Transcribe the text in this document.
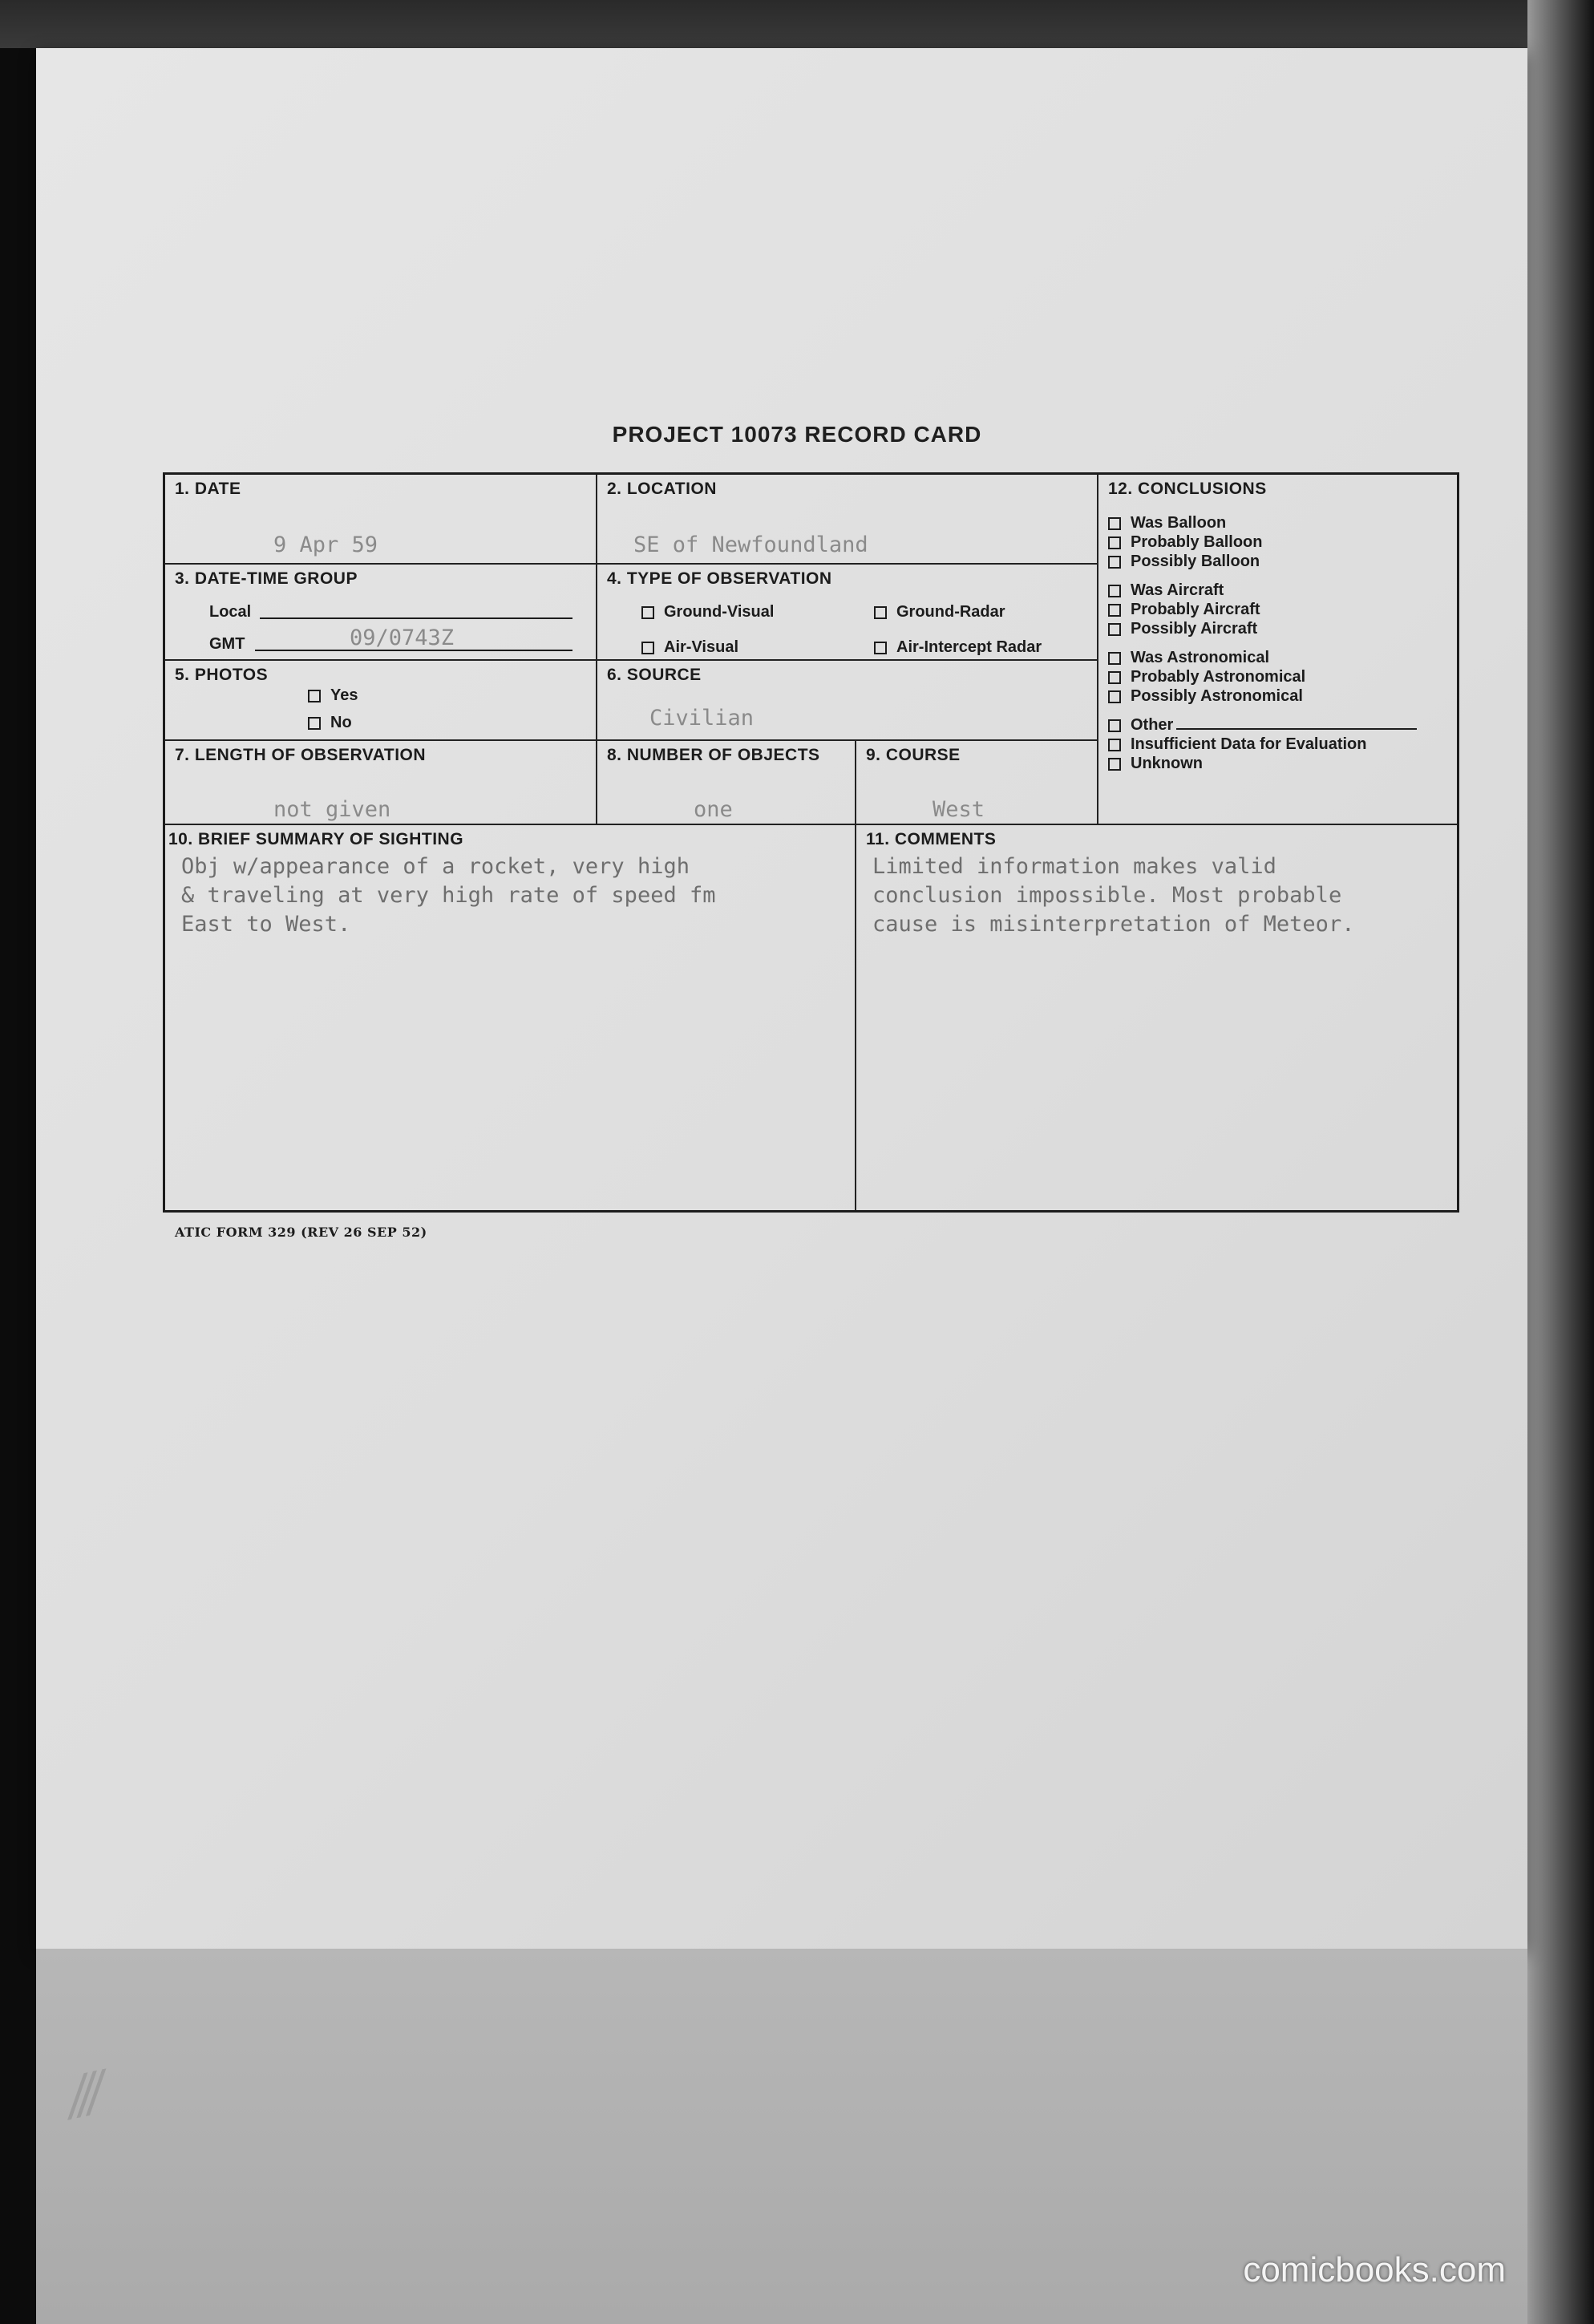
⁄⁄⁄
PROJECT 10073 RECORD CARD
1. DATE
9 Apr 59
2. LOCATION
SE of Newfoundland
3. DATE-TIME GROUP
Local
GMT	09/0743Z
4. TYPE OF OBSERVATION
Ground-Visual	Ground-Radar
Air-Visual	Air-Intercept Radar
5. PHOTOS
Yes
No
6. SOURCE
Civilian
7. LENGTH OF OBSERVATION
not given
8. NUMBER OF OBJECTS
one
9. COURSE
West
12. CONCLUSIONS
Was Balloon
Probably Balloon
Possibly Balloon
Was Aircraft
Probably Aircraft
Possibly Aircraft
Was Astronomical
Probably Astronomical
Possibly Astronomical
Other
Insufficient Data for Evaluation
Unknown
10. BRIEF SUMMARY OF SIGHTING
Obj w/appearance of a rocket, very high
& traveling at very high rate of speed fm
East to West.
11. COMMENTS
Limited information makes valid
conclusion impossible. Most probable
cause is misinterpretation of Meteor.
ATIC FORM 329 (REV 26 SEP 52)
comicbooks.com
